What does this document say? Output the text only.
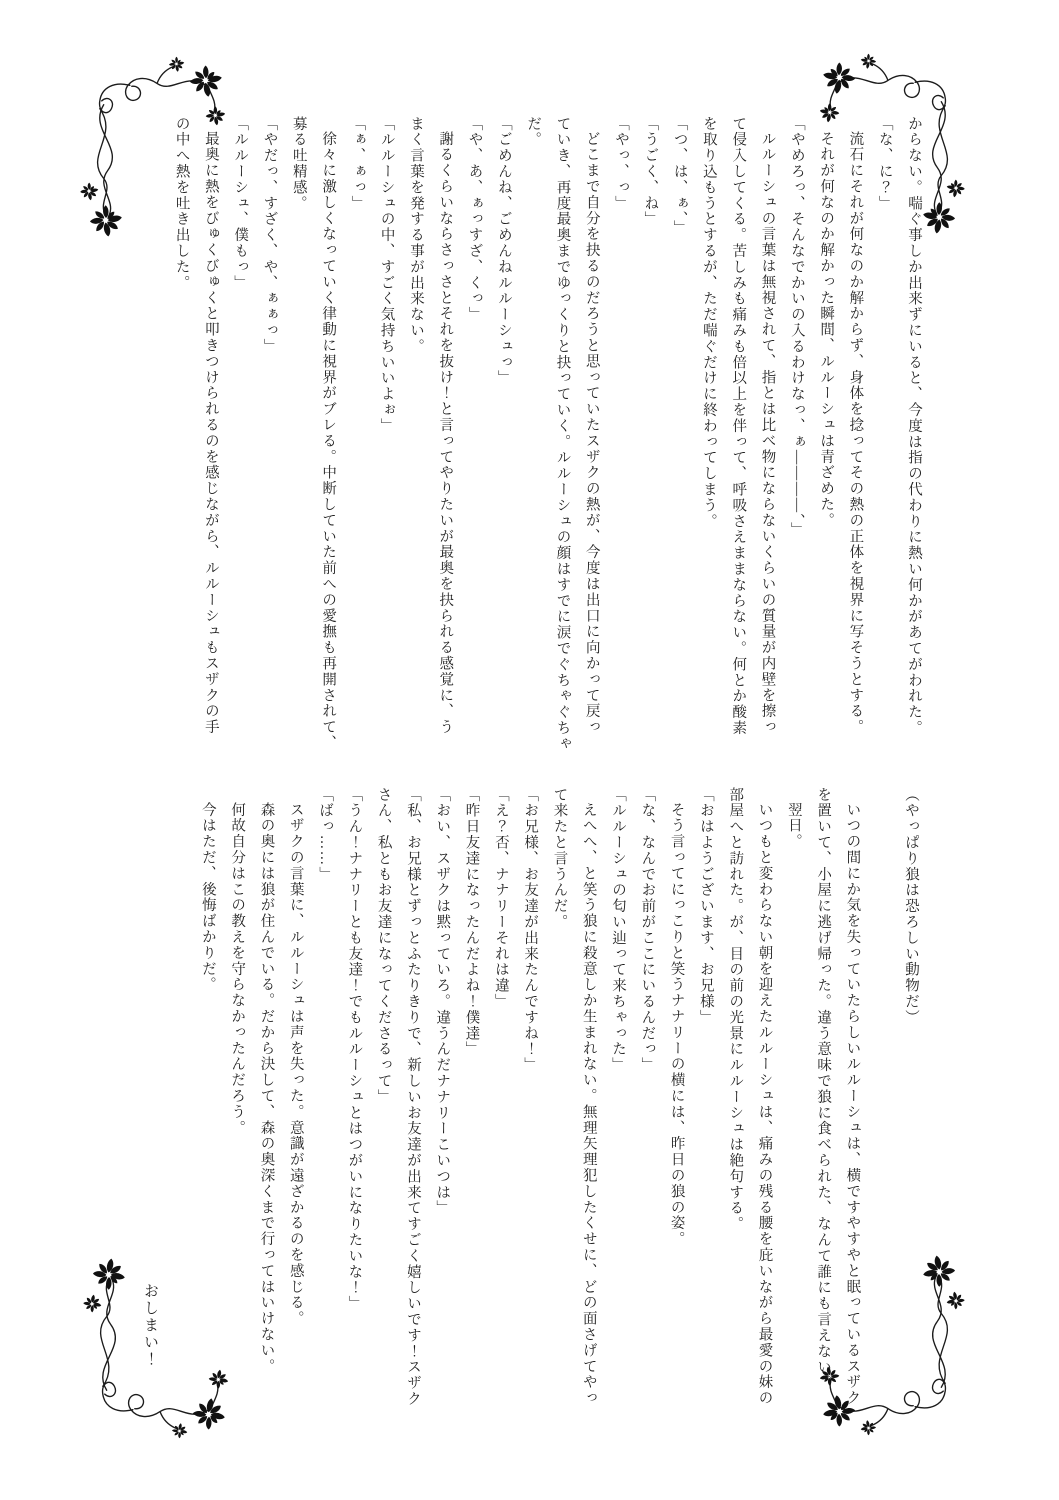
からない。喘ぐ事しか出来ずにいると、今度は指の代わりに熱い何かがあてがわれた。
「な、に？」
流石にそれが何なのか解からず、身体を捻ってその熱の正体を視界に写そうとする。
それが何なのか解かった瞬間、ルルーシュは青ざめた。
「やめろっ、そんなでかいの入るわけなっ、ぁ――――、」
ルルーシュの言葉は無視されて、指とは比べ物にならないくらいの質量が内壁を擦っ
て侵入してくる。苦しみも痛みも倍以上を伴って、呼吸さえままならない。何とか酸素
を取り込もうとするが、ただ喘ぐだけに終わってしまう。
「つ、は、ぁ、」
「うごく、ね」
「やっ、っ」
どこまで自分を抉るのだろうと思っていたスザクの熱が、今度は出口に向かって戻っ
ていき、再度最奥までゆっくりと抉っていく。ルルーシュの顔はすでに涙でぐちゃぐちゃ
だ。
「ごめんね、ごめんねルルーシュっ」
「や、あ、ぁっすざ、くっ」
謝るくらいならさっさとそれを抜け！と言ってやりたいが最奥を抉られる感覚に、う
まく言葉を発する事が出来ない。
「ルルーシュの中、すごく気持ちいいよぉ」
「ぁ、ぁっ」
徐々に激しくなっていく律動に視界がブレる。中断していた前への愛撫も再開されて、
募る吐精感。
「やだっ、すざく、や、ぁぁっ」
「ルルーシュ、僕もっ」
最奥に熱をびゅくびゅくと叩きつけられるのを感じながら、ルルーシュもスザクの手
の中へ熱を吐き出した。
（やっぱり狼は恐ろしい動物だ）
いつの間にか気を失っていたらしいルルーシュは、横ですやすやと眠っているスザク
を置いて、小屋に逃げ帰った。違う意味で狼に食べられた、なんて誰にも言えない。
翌日。
いつもと変わらない朝を迎えたルルーシュは、痛みの残る腰を庇いながら最愛の妹の
部屋へと訪れた。が、目の前の光景にルルーシュは絶句する。
「おはようございます、お兄様」
そう言ってにっこりと笑うナナリーの横には、昨日の狼の姿。
「な、なんでお前がここにいるんだっ」
「ルルーシュの匂い辿って来ちゃった」
えへへ、と笑う狼に殺意しか生まれない。無理矢理犯したくせに、どの面さげてやっ
て来たと言うんだ。
「お兄様、お友達が出来たんですね！」
「え？否、ナナリーそれは違」
「昨日友達になったんだよね！僕達」
「おい、スザクは黙っていろ。違うんだナナリーこいつは」
「私、お兄様とずっとふたりきりで、新しいお友達が出来てすごく嬉しいです！スザク
さん、私ともお友達になってくださるって」
「うん！ナナリーとも友達！でもルルーシュとはつがいになりたいな！」
「ばっ……」
スザクの言葉に、ルルーシュは声を失った。意識が遠ざかるのを感じる。
森の奥には狼が住んでいる。だから決して、森の奥深くまで行ってはいけない。
何故自分はこの教えを守らなかったんだろう。
今はただ、後悔ばかりだ。
おしまい！
